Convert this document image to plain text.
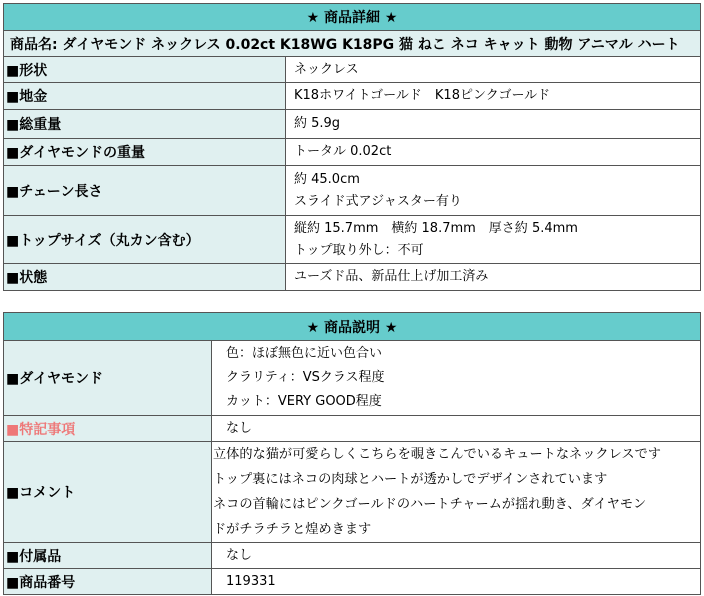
★ 商品詳細 ★	
商品名: ダイヤモンド ネックレス 0.02ct K18WG K18PG 猫 ねこ ネコ キャット 動物 アニマル ハート	
■形状	ネックレス
■地金	K18ホワイトゴールド　K18ピンクゴールド
■総重量	約 5.9g
■ダイヤモンドの重量	トータル 0.02ct
■チェーン長さ	約 45.0cm
スライド式アジャスター有り

■トップサイズ（丸カン含む）	縦約 15.7mm　横約 18.7mm　厚さ約 5.4mm
トップ取り外し：不可

■状態	ユーズド品、新品仕上げ加工済み
★ 商品説明 ★	
■ダイヤモンド	色：ほぼ無色に近い色合い
クラリティ：VSクラス程度
カット：VERY GOOD程度

■特記事項	なし
■コメント	立体的な猫が可愛らしくこちらを覗きこんでいるキュートなネックレスです
トップ裏にはネコの肉球とハートが透かしでデザインされています
ネコの首輪にはピンクゴールドのハートチャームが揺れ動き、ダイヤモン
ドがチラチラと煌めきます

■付属品	なし
■商品番号	119331
